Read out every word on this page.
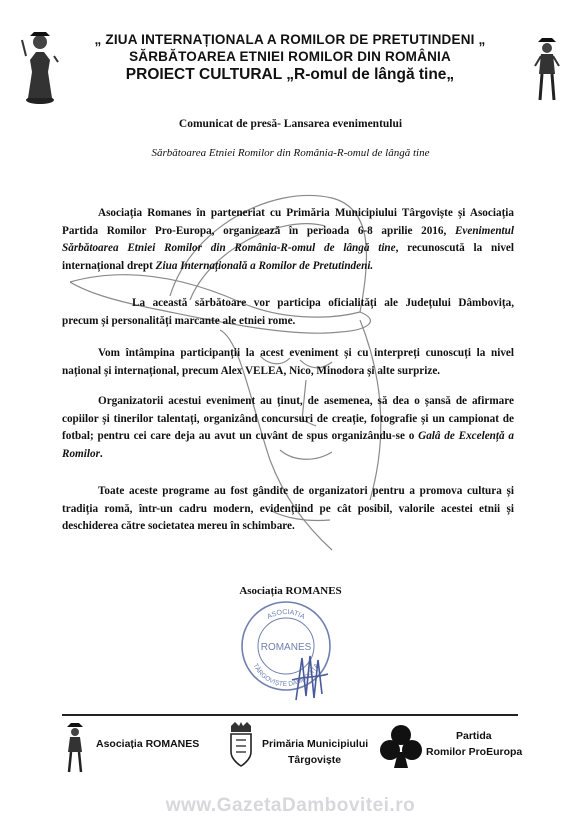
„ ZIUA INTERNAȚIONALA A ROMILOR DE PRETUTINDENI „
SĂRBĂTOAREA ETNIEI ROMILOR DIN ROMÂNIA
PROIECT CULTURAL „R-omul de lângă tine„
Comunicat de presă- Lansarea evenimentului
Sărbătoarea Etniei Romilor din România-R-omul de lângă tine
Asociația Romanes în parteneriat cu Primăria Municipiului Târgoviște și Asociația Partida Romilor Pro-Europa, organizează în perioada 6-8 aprilie 2016, Evenimentul Sărbătoarea Etniei Romilor din România-R-omul de lângă tine, recunoscută la nivel internațional drept Ziua Internațională a Romilor de Pretutindeni.
La această sărbătoare vor participa oficialități ale Județului Dâmbovița, precum și personalități marcante ale etniei rome.
Vom întâmpina participanții la acest eveniment și cu interpreți cunoscuți la nivel național și internațional, precum Alex VELEA, Nico, Minodora și alte surprize.
Organizatorii acestui eveniment au ținut, de asemenea, să dea o șansă de afirmare copiilor și tinerilor talentați, organizând concursuri de creație, fotografie și un campionat de fotbal; pentru cei care deja au avut un cuvânt de spus organizându-se o Galâ de Excelență a Romilor.
Toate aceste programe au fost gândite de organizatori pentru a promova cultura și tradiția romă, într-un cadru modern, evidențiind pe cât posibil, valorile acestei etnii și deschiderea către societatea mereu în schimbare.
Asociația ROMANES
ASOCIATIA
ROMANES
TÂRGOVIȘTE DÂMBOVIȚA
Asociația ROMANES	Primăria Municipiului
Târgoviște
Partida
Romilor ProEuropa
www.GazetaDambovitei.ro
